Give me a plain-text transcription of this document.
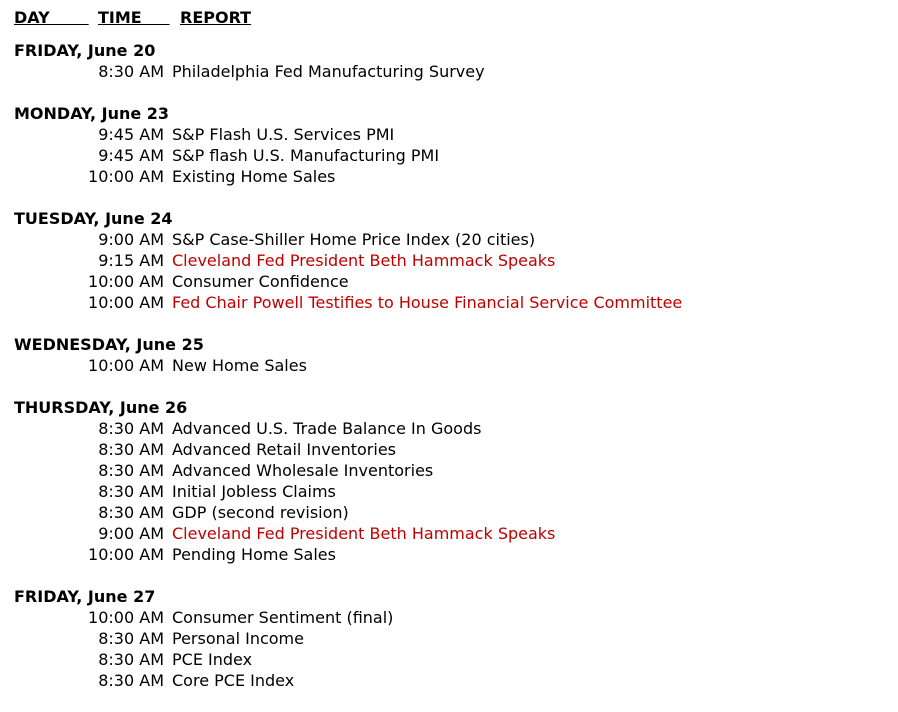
DAY TIME REPORT
FRIDAY, June 20
8:30 AM Philadelphia Fed Manufacturing Survey
MONDAY, June 23
9:45 AM S&P Flash U.S. Services PMI
9:45 AM S&P flash U.S. Manufacturing PMI
10:00 AM Existing Home Sales
TUESDAY, June 24
9:00 AM S&P Case-Shiller Home Price Index (20 cities)
9:15 AM Cleveland Fed President Beth Hammack Speaks
10:00 AM Consumer Confidence
10:00 AM Fed Chair Powell Testifies to House Financial Service Committee
WEDNESDAY, June 25
10:00 AM New Home Sales
THURSDAY, June 26
8:30 AM Advanced U.S. Trade Balance In Goods
8:30 AM Advanced Retail Inventories
8:30 AM Advanced Wholesale Inventories
8:30 AM Initial Jobless Claims
8:30 AM GDP (second revision)
9:00 AM Cleveland Fed President Beth Hammack Speaks
10:00 AM Pending Home Sales
FRIDAY, June 27
10:00 AM Consumer Sentiment (final)
8:30 AM Personal Income
8:30 AM PCE Index
8:30 AM Core PCE Index
